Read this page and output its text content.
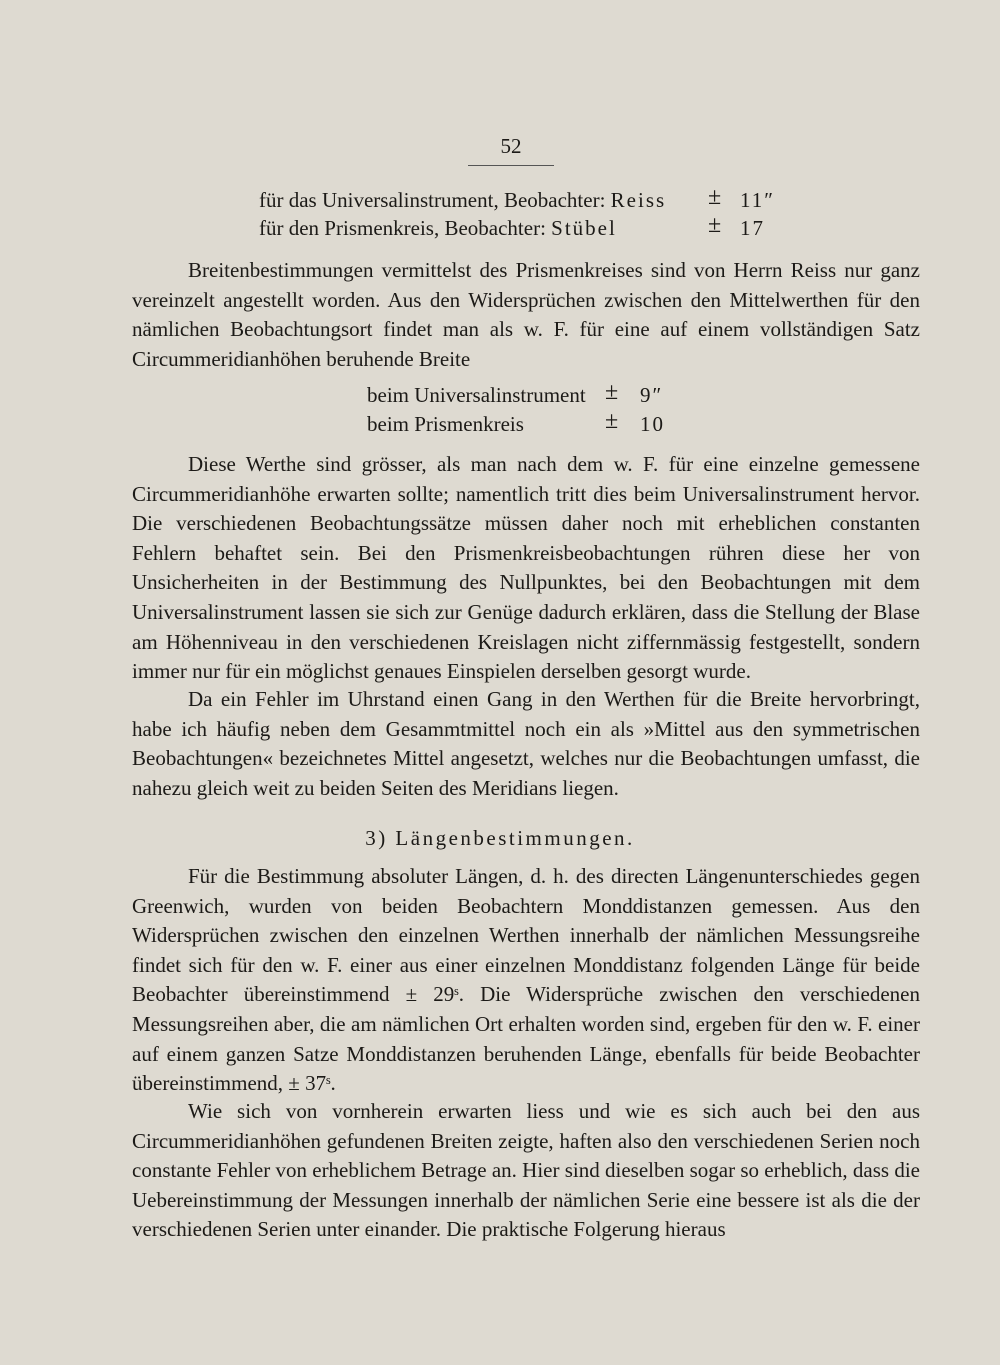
52
für das Universalinstrument, Beobachter: Reiss ± 11″
für den Prismenkreis, Beobachter: Stübel	± 17
Breitenbestimmungen vermittelst des Prismenkreises sind von Herrn Reiss nur ganz vereinzelt angestellt worden. Aus den Widersprüchen zwischen den Mittelwerthen für den nämlichen Beobachtungsort findet man als w. F. für eine auf einem vollständigen Satz Circummeridianhöhen beruhende Breite
beim Universalinstrument ± 9″
beim Prismenkreis	± 10
Diese Werthe sind grösser, als man nach dem w. F. für eine einzelne gemessene Circummeridianhöhe erwarten sollte; namentlich tritt dies beim Universalinstrument hervor. Die verschiedenen Beobachtungssätze müssen daher noch mit erheblichen constanten Fehlern behaftet sein. Bei den Prismenkreisbeobachtungen rühren diese her von Unsicherheiten in der Bestimmung des Nullpunktes, bei den Beobachtungen mit dem Universalinstrument lassen sie sich zur Genüge dadurch erklären, dass die Stellung der Blase am Höhenniveau in den verschiedenen Kreislagen nicht ziffernmässig festgestellt, sondern immer nur für ein möglichst genaues Einspielen derselben gesorgt wurde.
Da ein Fehler im Uhrstand einen Gang in den Werthen für die Breite hervorbringt, habe ich häufig neben dem Gesammtmittel noch ein als »Mittel aus den symmetrischen Beobachtungen« bezeichnetes Mittel angesetzt, welches nur die Beobachtungen umfasst, die nahezu gleich weit zu beiden Seiten des Meridians liegen.
3) Längenbestimmungen.
Für die Bestimmung absoluter Längen, d. h. des directen Längenunterschiedes gegen Greenwich, wurden von beiden Beobachtern Monddistanzen gemessen. Aus den Widersprüchen zwischen den einzelnen Werthen innerhalb der nämlichen Messungsreihe findet sich für den w. F. einer aus einer einzelnen Monddistanz folgenden Länge für beide Beobachter übereinstimmend ± 29ˢ. Die Widersprüche zwischen den verschiedenen Messungsreihen aber, die am nämlichen Ort erhalten worden sind, ergeben für den w. F. einer auf einem ganzen Satze Monddistanzen beruhenden Länge, ebenfalls für beide Beobachter übereinstimmend, ± 37ˢ.
Wie sich von vornherein erwarten liess und wie es sich auch bei den aus Circummeridianhöhen gefundenen Breiten zeigte, haften also den verschiedenen Serien noch constante Fehler von erheblichem Betrage an. Hier sind dieselben sogar so erheblich, dass die Uebereinstimmung der Messungen innerhalb der nämlichen Serie eine bessere ist als die der verschiedenen Serien unter einander. Die praktische Folgerung hieraus
